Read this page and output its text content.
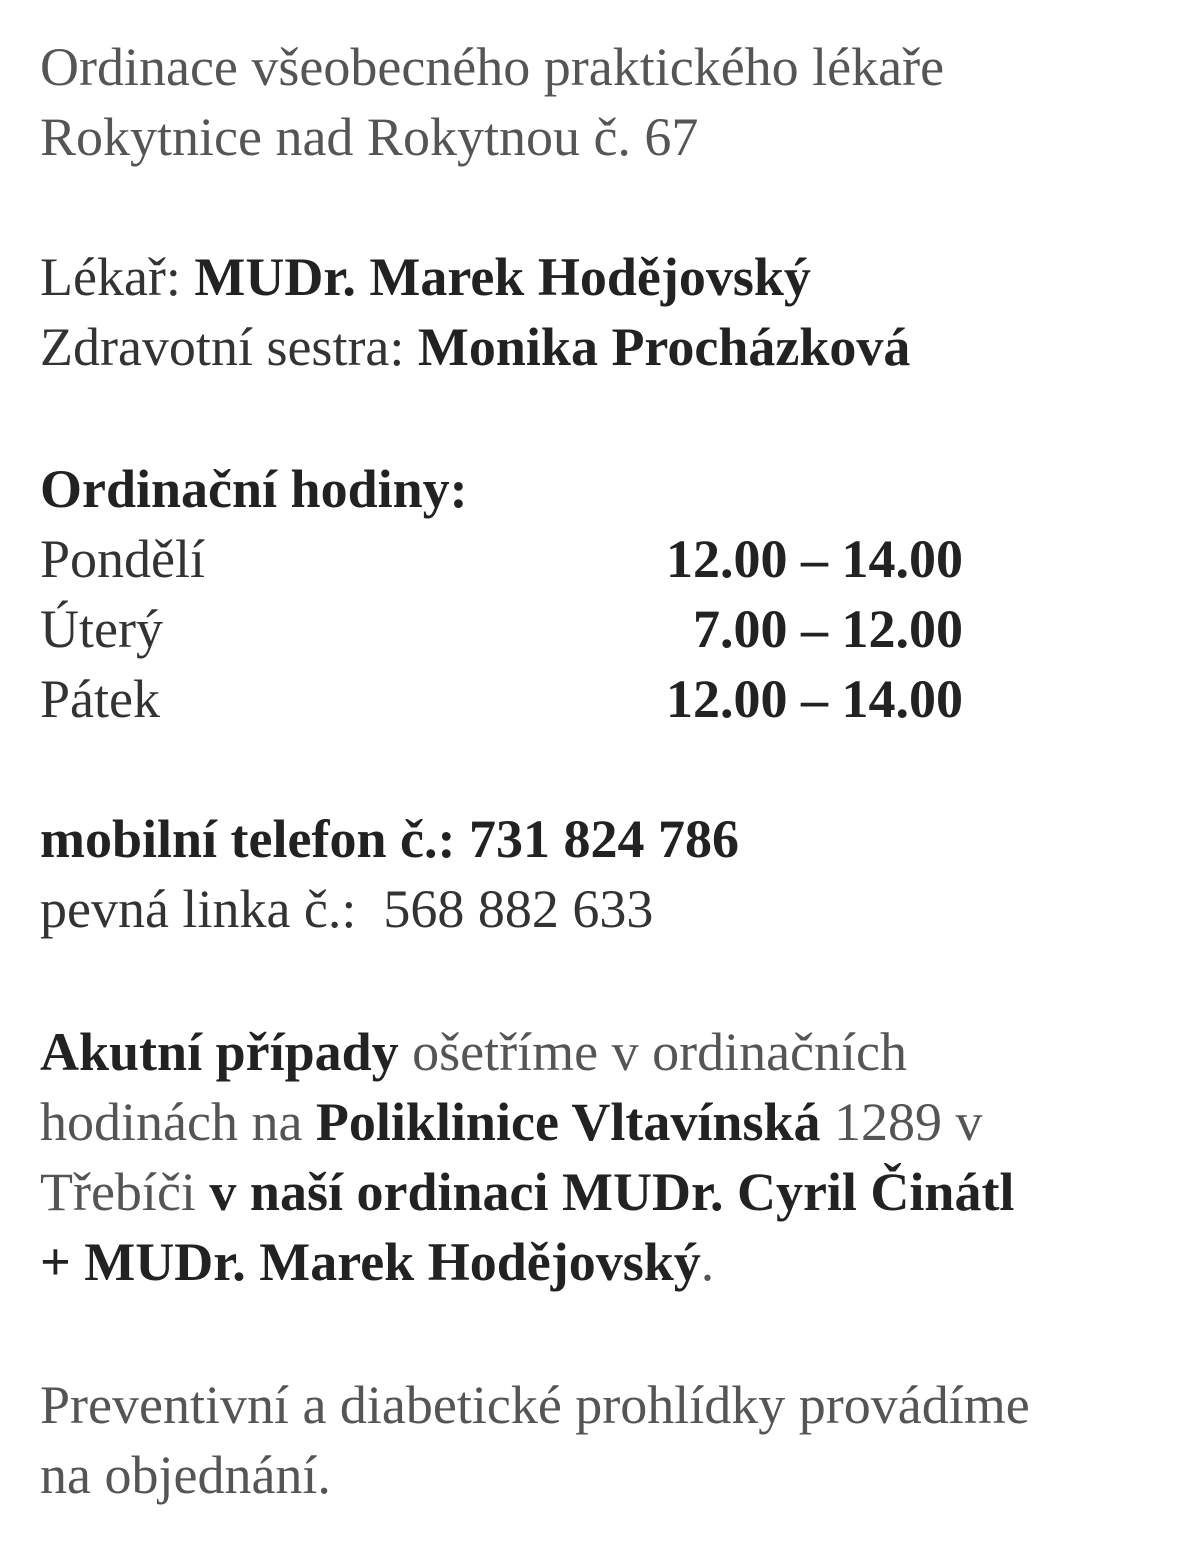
Ordinace všeobecného praktického lékaře
Rokytnice nad Rokytnou č. 67
Lékař: MUDr. Marek Hodějovský
Zdravotní sestra: Monika Procházková
Ordinační hodiny:
Pondělí	12.00 – 14.00
Úterý	7.00 – 12.00
Pátek	12.00 – 14.00
mobilní telefon č.: 731 824 786
pevná linka č.:  568 882 633
Akutní případy ošetříme v ordinačních
hodinách na Poliklinice Vltavínská 1289 v
Třebíči v naší ordinaci MUDr. Cyril Činátl
+ MUDr. Marek Hodějovský.
Preventivní a diabetické prohlídky provádíme
na objednání.
